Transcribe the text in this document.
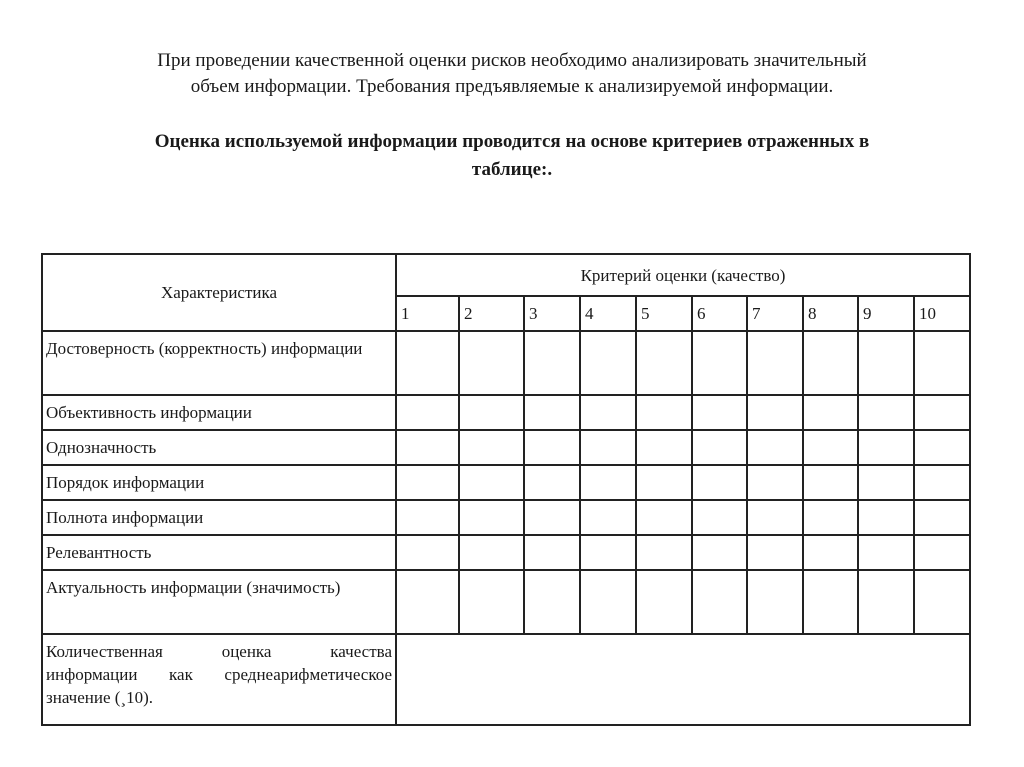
При проведении качественной оценки рисков необходимо анализировать значительный
объем информации. Требования предъявляемые к анализируемой информации.
Оценка используемой информации проводится на основе критериев отраженных в
таблице:.
Характеристика	Критерий оценки (качество)									
	1	2	3	4	5	6	7	8	9	10
Достоверность (корректность) информации										
Объективность информации										
Однозначность										
Порядок информации										
Полнота информации										
Релевантность										
Актуальность информации (значимость)										

Количественная оценка качества
информации как среднеарифметическое
значение (¸10).										
